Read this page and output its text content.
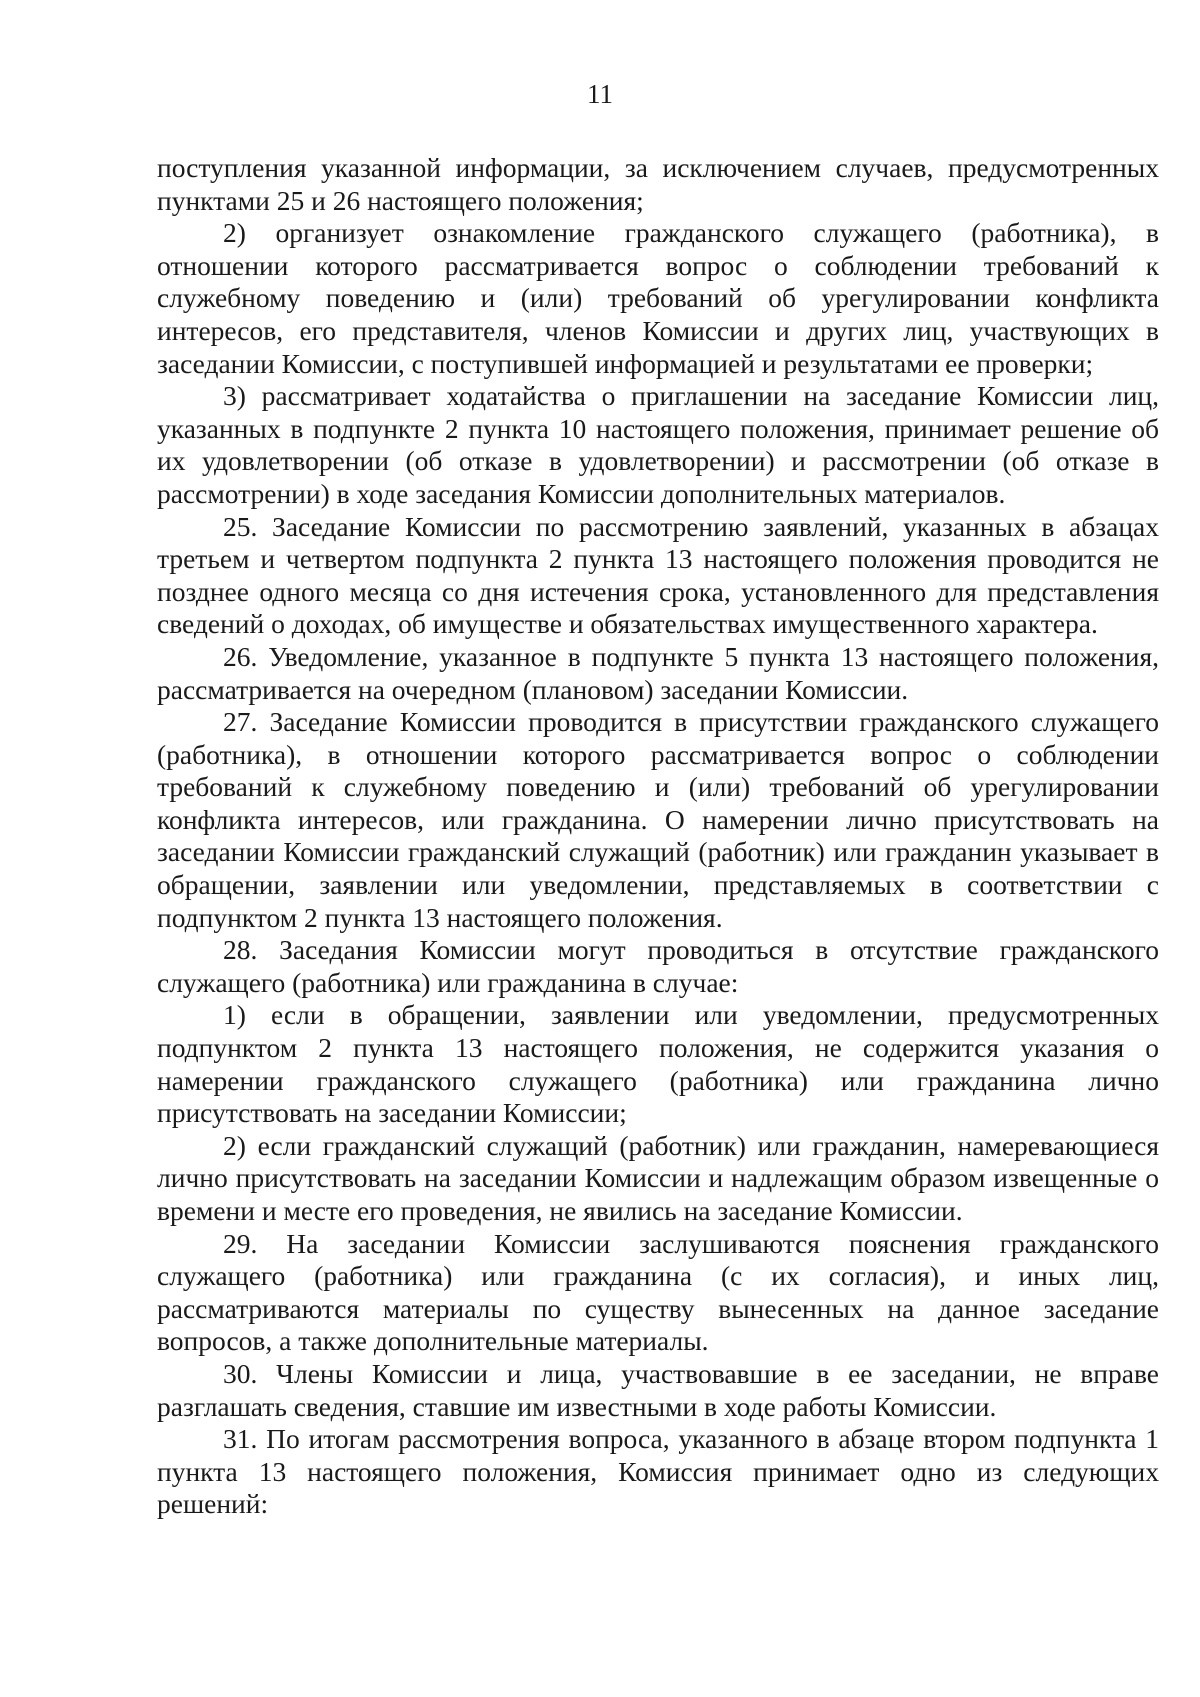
11

поступления указанной информации, за исключением случаев, предусмотренных пунктами 25 и 26 настоящего положения;

2) организует ознакомление гражданского служащего (работника), в отношении которого рассматривается вопрос о соблюдении требований к служебному поведению и (или) требований об урегулировании конфликта интересов, его представителя, членов Комиссии и других лиц, участвующих в заседании Комиссии, с поступившей информацией и результатами ее проверки;

3) рассматривает ходатайства о приглашении на заседание Комиссии лиц, указанных в подпункте 2 пункта 10 настоящего положения, принимает решение об их удовлетворении (об отказе в удовлетворении) и рассмотрении (об отказе в рассмотрении) в ходе заседания Комиссии дополнительных материалов.

25. Заседание Комиссии по рассмотрению заявлений, указанных в абзацах третьем и четвертом подпункта 2 пункта 13 настоящего положения проводится не позднее одного месяца со дня истечения срока, установленного для представления сведений о доходах, об имуществе и обязательствах имущественного характера.

26. Уведомление, указанное в подпункте 5 пункта 13 настоящего положения, рассматривается на очередном (плановом) заседании Комиссии.

27. Заседание Комиссии проводится в присутствии гражданского служащего (работника), в отношении которого рассматривается вопрос о соблюдении требований к служебному поведению и (или) требований об урегулировании конфликта интересов, или гражданина. О намерении лично присутствовать на заседании Комиссии гражданский служащий (работник) или гражданин указывает в обращении, заявлении или уведомлении, представляемых в соответствии с подпунктом 2 пункта 13 настоящего положения.

28. Заседания Комиссии могут проводиться в отсутствие гражданского служащего (работника) или гражданина в случае:

1) если в обращении, заявлении или уведомлении, предусмотренных подпунктом 2 пункта 13 настоящего положения, не содержится указания о намерении гражданского служащего (работника) или гражданина лично присутствовать на заседании Комиссии;

2) если гражданский служащий (работник) или гражданин, намеревающиеся лично присутствовать на заседании Комиссии и надлежащим образом извещенные о времени и месте его проведения, не явились на заседание Комиссии.

29. На заседании Комиссии заслушиваются пояснения гражданского служащего (работника) или гражданина (с их согласия), и иных лиц, рассматриваются материалы по существу вынесенных на данное заседание вопросов, а также дополнительные материалы.

30. Члены Комиссии и лица, участвовавшие в ее заседании, не вправе разглашать сведения, ставшие им известными в ходе работы Комиссии.

31. По итогам рассмотрения вопроса, указанного в абзаце втором подпункта 1 пункта 13 настоящего положения, Комиссия принимает одно из следующих решений:
